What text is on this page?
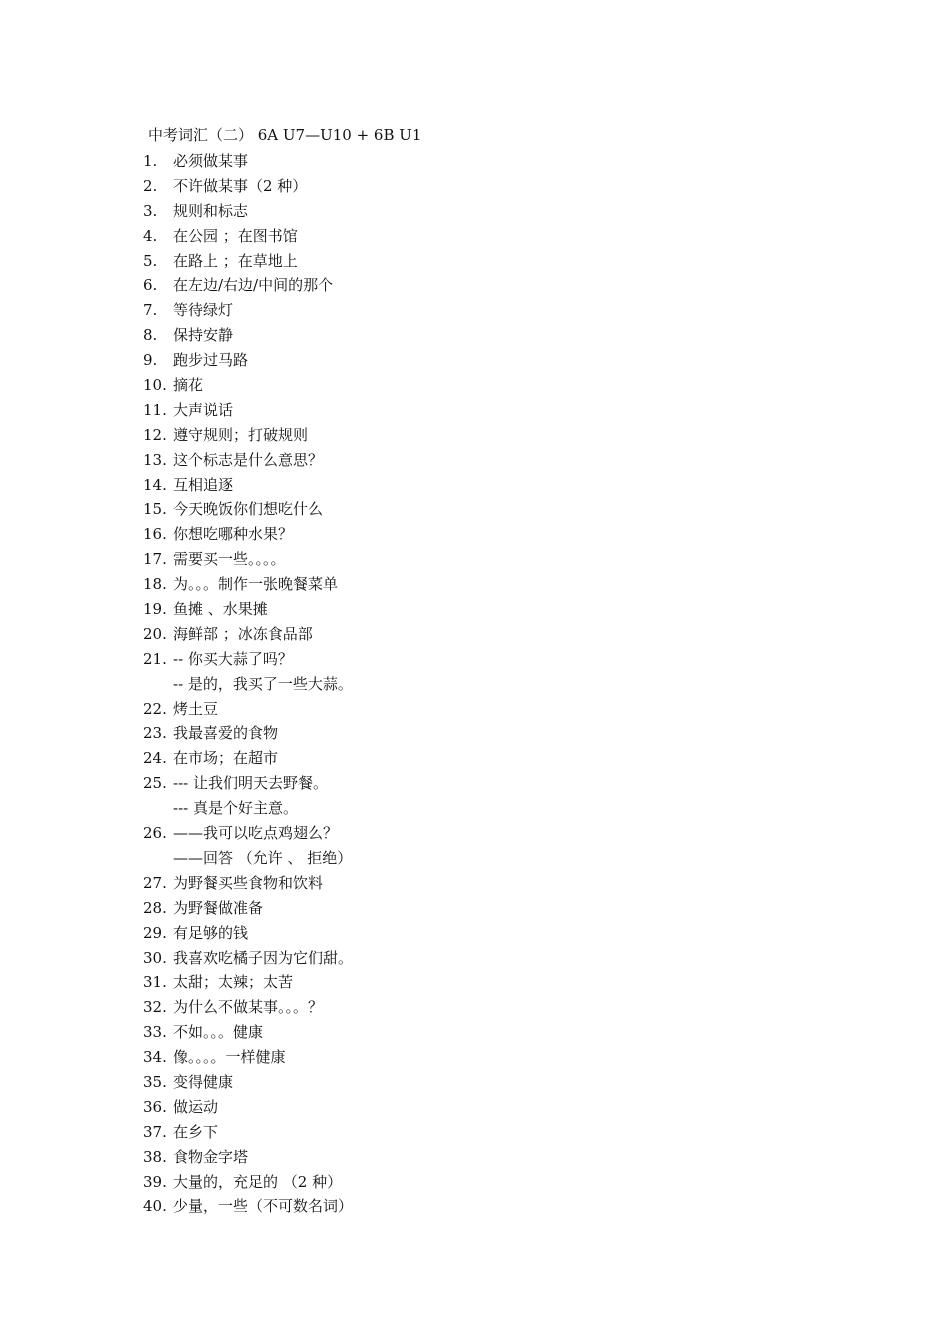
中考词汇（二） 6A U7—U10 + 6B U1
1.	必须做某事
2.	不许做某事（2 种）
3.	规则和标志
4.	在公园 ；在图书馆
5.	在路上 ；在草地上
6.	在左边/右边/中间的那个
7.	等待绿灯
8.	保持安静
9.	跑步过马路
10. 摘花
11. 大声说话
12. 遵守规则；打破规则
13. 这个标志是什么意思？
14. 互相追逐
15. 今天晚饭你们想吃什么
16. 你想吃哪种水果？
17. 需要买一些。。。。
18. 为。。。制作一张晚餐菜单
19. 鱼摊 、水果摊
20. 海鲜部 ；冰冻食品部
21. -- 你买大蒜了吗？
-- 是的，我买了一些大蒜。
22. 烤土豆
23. 我最喜爱的食物
24. 在市场；在超市
25. --- 让我们明天去野餐。
--- 真是个好主意。
26. ——我可以吃点鸡翅么？
——回答 （允许 、 拒绝）
27. 为野餐买些食物和饮料
28. 为野餐做准备
29. 有足够的钱
30. 我喜欢吃橘子因为它们甜。
31. 太甜；太辣；太苦
32. 为什么不做某事。。。？
33. 不如。。。健康
34. 像。。。。一样健康
35. 变得健康
36. 做运动
37. 在乡下
38. 食物金字塔
39. 大量的，充足的 （2 种）
40. 少量，一些（不可数名词）
